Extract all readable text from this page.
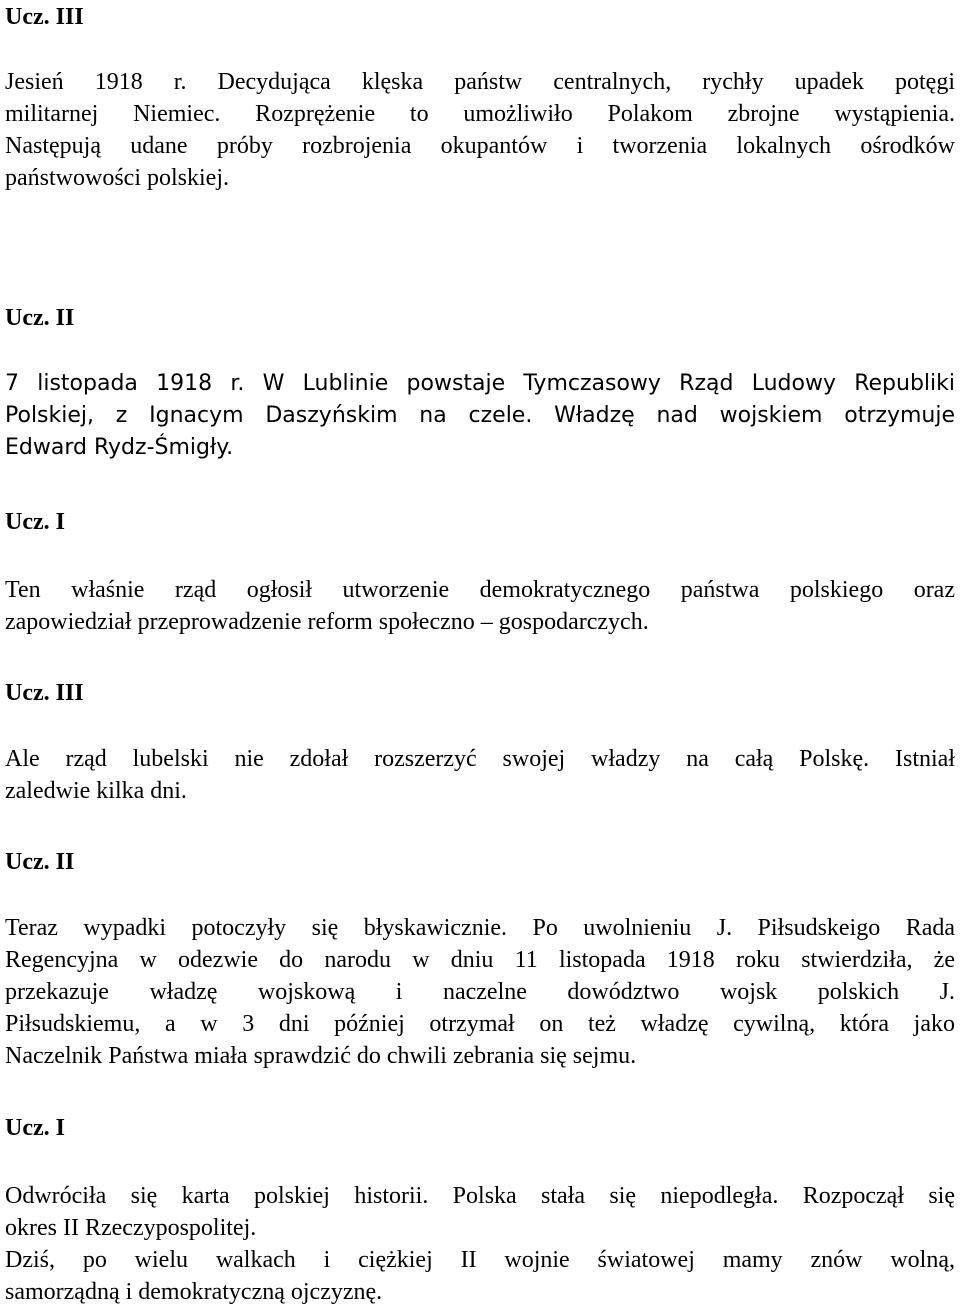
Ucz. III
Jesień 1918 r. Decydująca klęska państw centralnych, rychły upadek potęgi
militarnej Niemiec. Rozprężenie to umożliwiło Polakom zbrojne wystąpienia.
Następują udane próby rozbrojenia okupantów i tworzenia lokalnych ośrodków
państwowości polskiej.
Ucz. II
7 listopada 1918 r. W Lublinie powstaje Tymczasowy Rząd Ludowy Republiki
Polskiej, z Ignacym Daszyńskim na czele. Władzę nad wojskiem otrzymuje
Edward Rydz-Śmigły.
Ucz. I
Ten właśnie rząd ogłosił utworzenie demokratycznego państwa polskiego oraz
zapowiedział przeprowadzenie reform społeczno – gospodarczych.
Ucz. III
Ale rząd lubelski nie zdołał rozszerzyć swojej władzy na całą Polskę. Istniał
zaledwie kilka dni.
Ucz. II
Teraz wypadki potoczyły się błyskawicznie. Po uwolnieniu J. Piłsudskeigo Rada
Regencyjna w odezwie do narodu w dniu 11 listopada 1918 roku stwierdziła, że
przekazuje władzę wojskową i naczelne dowództwo wojsk polskich J.
Piłsudskiemu, a w 3 dni później otrzymał on też władzę cywilną, która jako
Naczelnik Państwa miała sprawdzić do chwili zebrania się sejmu.
Ucz. I
Odwróciła się karta polskiej historii. Polska stała się niepodległa. Rozpoczął się
okres II Rzeczypospolitej.
Dziś, po wielu walkach i ciężkiej II wojnie światowej mamy znów wolną,
samorządną i demokratyczną ojczyznę.
